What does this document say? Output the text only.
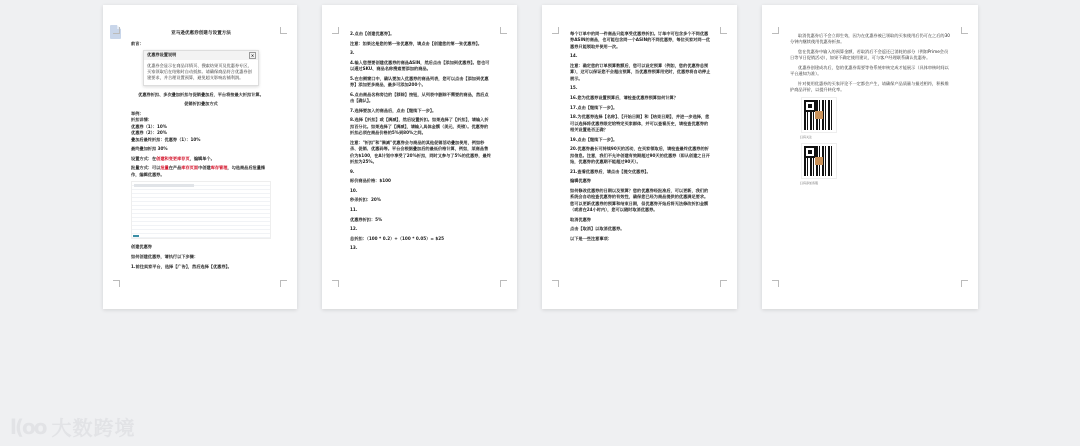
亚马逊优惠券创建与设置方法

前言：

优惠券设置说明	×
优惠券会显示在商品详情页、搜索结果页及优惠券专区，买家领取后在结账时自动抵扣。请确保商品符合优惠券创建要求，并合理设置预算，避免超支影响店铺利润。

优惠券折扣、多次叠加折扣与促销叠加后，平台将按最大折扣计算。

促销折扣叠加方式

举例：

折扣详情：

优惠券（1）：10%

优惠券（2）：20%

叠加后最终折扣：优惠券（1）：10%

最终叠加折扣 30%

设置方式：在创建和变更库存页，编辑单个。

批量方式：可以批量在产品库存页面中创建库存管理，勾选商品后批量操作，编辑优惠券。

创建优惠券

如何创建优惠券，请执行以下步骤：

1.前往卖家平台，选择【广告】，然后选择【优惠券】。

2.点击【创建优惠券】。

注意：如果这是您的第一张优惠券，请点击【创建您的第一张优惠券】。

3.

4.输入您想要创建优惠券的商品ASIN，然后点击【添加到优惠券】。您也可以通过SKU、商品名称搜索要添加的商品。

5.在右侧窗口中，确认要加入优惠券的商品列表，您可以点击【添加到优惠券】添加更多商品，最多可添加200个。

6.点击商品名称旁边的【移除】按钮，从列表中删除不需要的商品，然后点击【确认】。

7.选择要加入的商品后，点击【继续下一步】。

8.选择【折扣】或【满减】，然后设置折扣。如果选择了【折扣】，请输入折扣百分比。如果选择了【满减】，请输入具体金额（美元、英镑）。优惠券的折扣必须在商品价格的5%到80%之间。

注意："折扣"和"满减"优惠券会与商品的其他促销活动叠加使用，例如秒杀、促销、优惠码等。平台会根据叠加后的最低价格计算，例如，某商品售价为$100，在A计划中享受了20%折扣，同时又参与了5%的优惠券，最终折扣为25%。

9.

标价商品价格：$100

10.

秒杀折扣：20%

11.

优惠券折扣：5%

12.

总折扣：（100 * 0.2）+（100 * 0.05）= $25

13.

每个订单中的同一件商品只能享受优惠券折扣。订单中可包含多个不同优惠券ASIN的商品，也可能包含同一个ASIN的不同优惠券，每位买家对同一优惠券只能领取并使用一次。

14.

注意：确定您的订单预算数额后，您可以设定预算（例如，您的优惠券总预算），这可以保证您不会超出预算，当优惠券预算用完时，优惠券将自动停止展示。

15.

16.您为优惠券设置预算后，请检查优惠券预算如何计算？

17.点击【继续下一步】。

18.为优惠券选择【名称】、【开始日期】和【结束日期】，并进一步选择，您可以选择将优惠券限定给特定买家群体，并可以查看历史，请检查优惠券的相关设置是否正确？

19.点击【继续下一步】。

20.优惠券最长可持续90天的活动，在买家领取后，请检查最终优惠券的折扣信息。注意，我们不允许创建有效期超过90天的优惠券（即从创建之日开始，优惠券的优惠期不能超过90天）。

21.查看优惠券后，请点击【提交优惠券】。

编辑优惠券

如何修改优惠券的日期以及预算？您的优惠券经批准后，可以更新，我们的系统会自动检查优惠券的有效性，确保您已经为商品提供的优惠满足要求。您可以更新优惠券的预算和结束日期，但优惠券开始后将无法修改折扣金额（或者在24小时内），您可以随时取消优惠券。

取消优惠券

点击【取消】以取消优惠券。

以下是一些注意事项：

取消优惠券后不会立即生效，因为在优惠券被已领取的买家使用后仍可在之后的30分钟内继续使用优惠券折扣。

您在优惠券中输入的预算金额，若取消后不会返还已消耗的部分（例如Prime会员日等节日促销活动），如果不确定使用建议，可与客户经理联系确认优惠券。

优惠券创建成功后，您的优惠券需要等待系统审核完成才能展示（具体审核时间以平台通知为准）。

针对使用优惠券的买家评论不一定都会产生，请确保产品质量与描述相符，积极维护商品评价，以提升转化率。

扫码关注
扫码添加客服
l(oo 大数跨境
